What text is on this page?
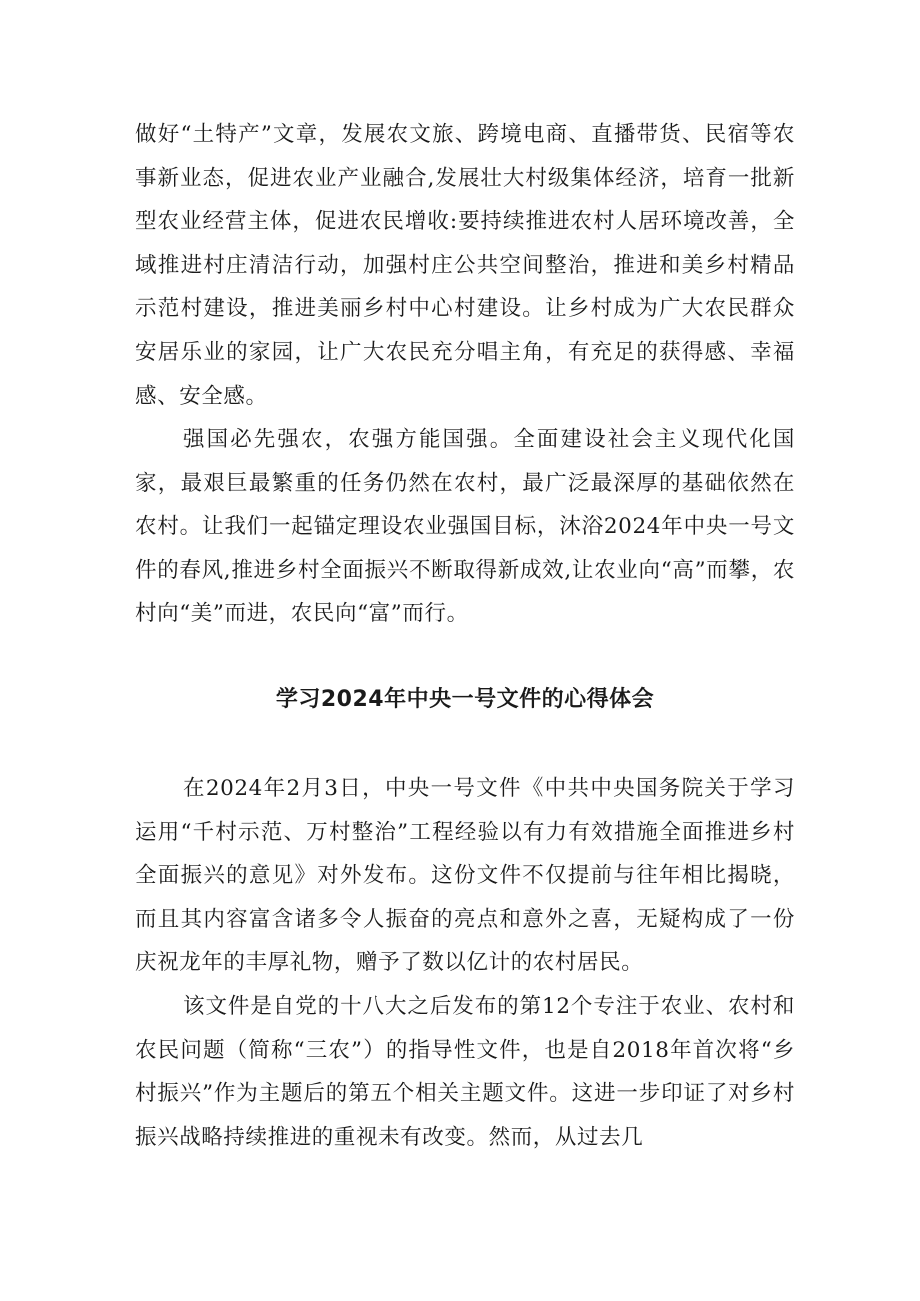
做好“土特产”文章，发展农文旅、跨境电商、直播带货、民宿等农事新业态，促进农业产业融合,发展壮大村级集体经济，培育一批新型农业经营主体，促进农民增收:要持续推进农村人居环境改善，全域推进村庄清洁行动，加强村庄公共空间整治，推进和美乡村精品示范村建设，推进美丽乡村中心村建设。让乡村成为广大农民群众安居乐业的家园，让广大农民充分唱主角，有充足的获得感、幸福感、安全感。

强国必先强农，农强方能国强。全面建设社会主义现代化国家，最艰巨最繁重的任务仍然在农村，最广泛最深厚的基础依然在农村。让我们一起锚定理设农业强国目标，沐浴2024年中央一号文件的春风,推进乡村全面振兴不断取得新成效,让农业向“高”而攀，农村向“美”而进，农民向“富”而行。

学习2024年中央一号文件的心得体会

在2024年2月3日，中央一号文件《中共中央国务院关于学习运用“千村示范、万村整治”工程经验以有力有效措施全面推进乡村全面振兴的意见》对外发布。这份文件不仅提前与往年相比揭晓，而且其内容富含诸多令人振奋的亮点和意外之喜，无疑构成了一份庆祝龙年的丰厚礼物，赠予了数以亿计的农村居民。

该文件是自党的十八大之后发布的第12个专注于农业、农村和农民问题（简称“三农”）的指导性文件，也是自2018年首次将“乡村振兴”作为主题后的第五个相关主题文件。这进一步印证了对乡村振兴战略持续推进的重视未有改变。然而，从过去几
